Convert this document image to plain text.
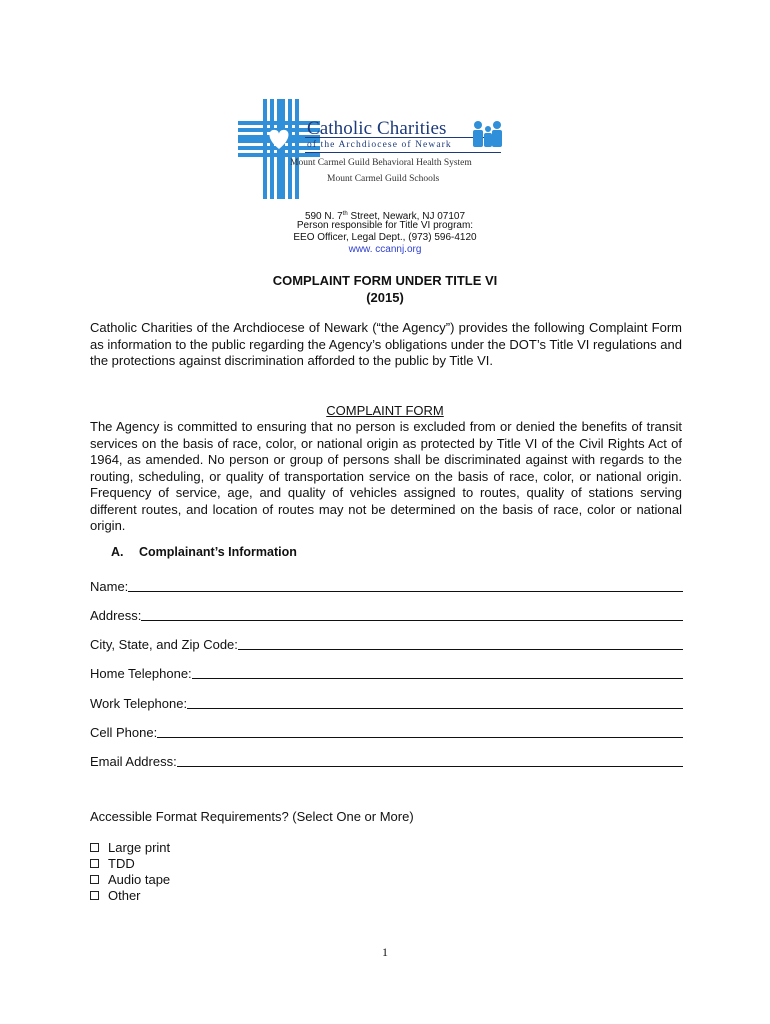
Catholic Charities
of the Archdiocese of Newark
Mount Carmel Guild Behavioral Health System
Mount Carmel Guild Schools
590 N. 7th Street, Newark, NJ 07107
Person responsible for Title VI program:
EEO Officer, Legal Dept., (973) 596-4120
www. ccannj.org
COMPLAINT FORM UNDER TITLE VI
(2015)
Catholic Charities of the Archdiocese of Newark (“the Agency”) provides the following Complaint Form as information to the public regarding the Agency’s obligations under the DOT’s Title VI regulations and the protections against discrimination afforded to the public by Title VI.
COMPLAINT FORM
The Agency is committed to ensuring that no person is excluded from or denied the benefits of transit services on the basis of race, color, or national origin as protected by Title VI of the Civil Rights Act of 1964, as amended. No person or group of persons shall be discriminated against with regards to the routing, scheduling, or quality of transportation service on the basis of race, color, or national origin. Frequency of service, age, and quality of vehicles assigned to routes, quality of stations serving different routes, and location of routes may not be determined on the basis of race, color or national origin.
A. Complainant’s Information
Name:
Address:
City, State, and Zip Code:
Home Telephone:
Work Telephone:
Cell Phone:
Email Address:
Accessible Format Requirements? (Select One or More)
Large print
TDD
Audio tape
Other
1
